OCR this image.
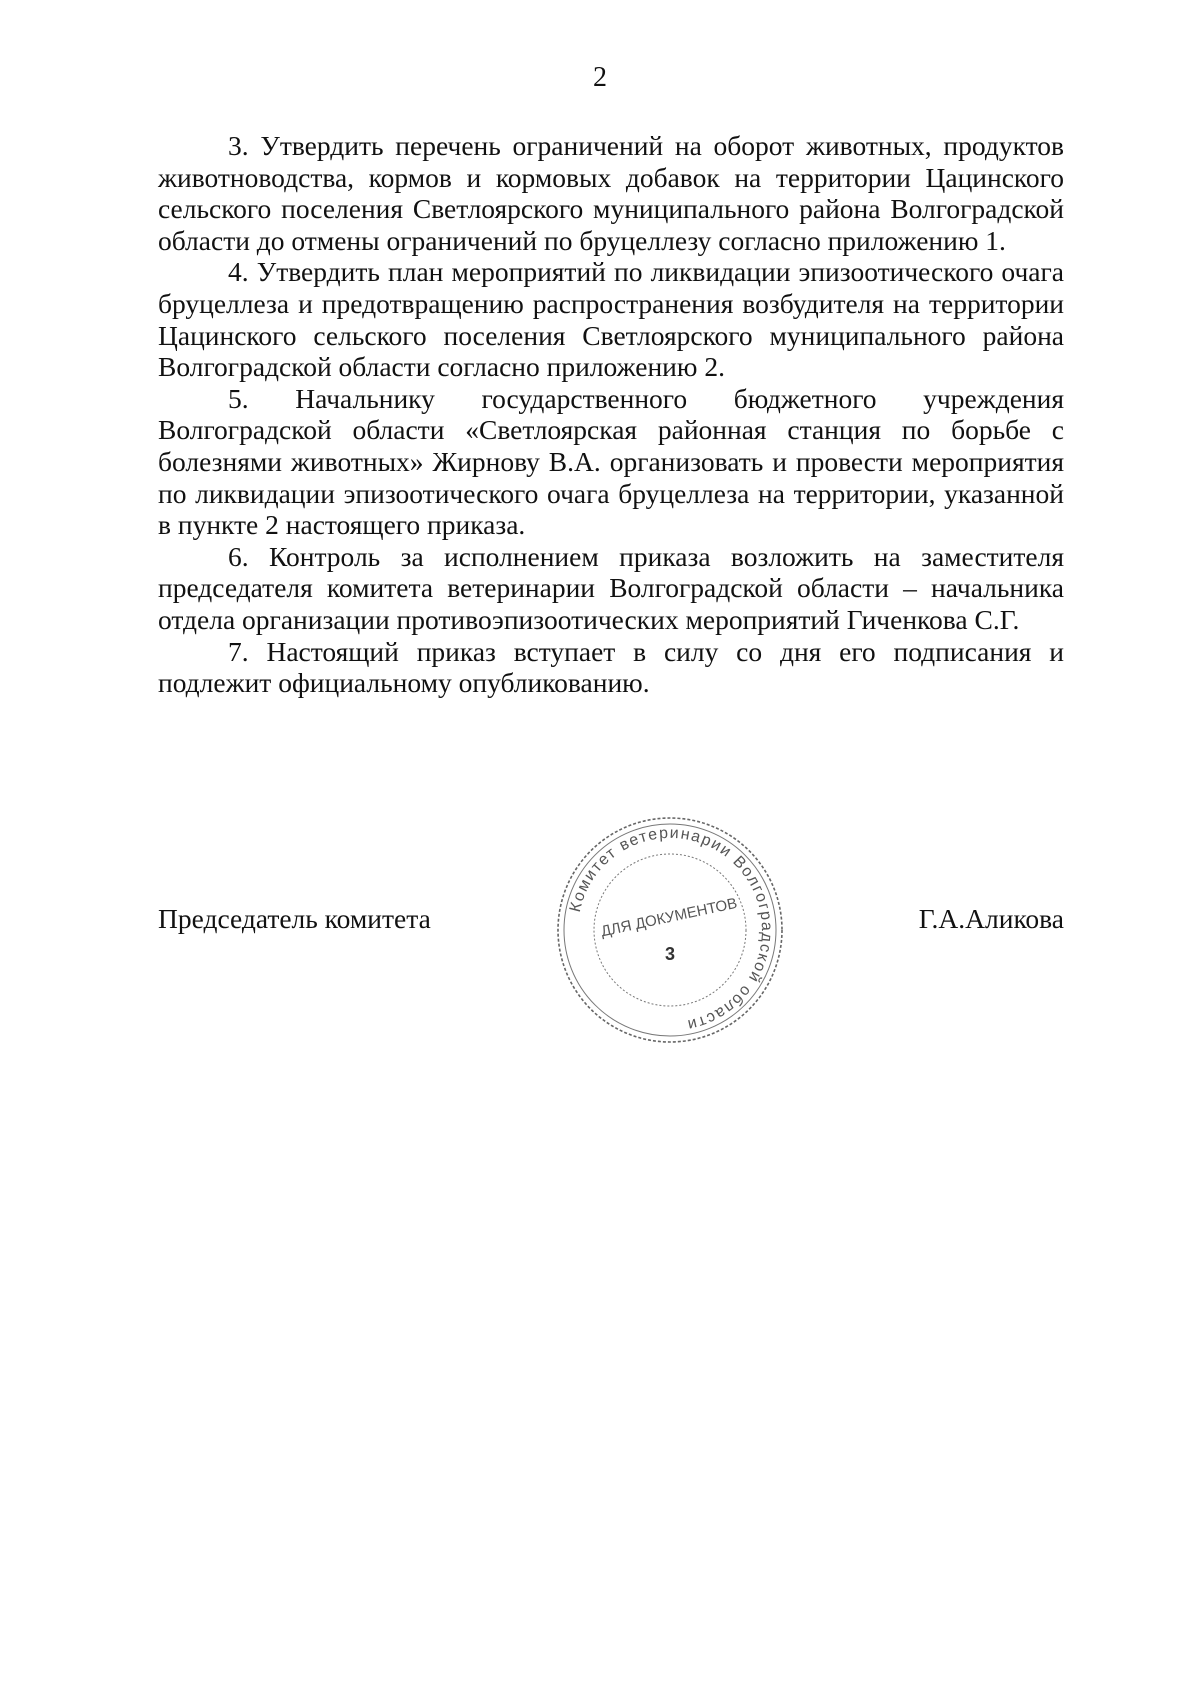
2

3. Утвердить перечень ограничений на оборот животных, продуктов животноводства, кормов и кормовых добавок на территории Цацинского сельского поселения Светлоярского муниципального района Волгоградской области до отмены ограничений по бруцеллезу согласно приложению 1.

4. Утвердить план мероприятий по ликвидации эпизоотического очага бруцеллеза и предотвращению распространения возбудителя на территории Цацинского сельского поселения Светлоярского муниципального района Волгоградской области согласно приложению 2.

5. Начальнику государственного бюджетного учреждения Волгоградской области «Светлоярская районная станция по борьбе с болезнями животных» Жирнову В.А. организовать и провести мероприятия по ликвидации эпизоотического очага бруцеллеза на территории, указанной в пункте 2 настоящего приказа.

6. Контроль за исполнением приказа возложить на заместителя председателя комитета ветеринарии Волгоградской области – начальника отдела организации противоэпизоотических мероприятий Гиченкова С.Г.

7. Настоящий приказ вступает в силу со дня его подписания и подлежит официальному опубликованию.

Председатель комитета	Комитет ветеринарии Волгоградской области
ДЛЯ ДОКУМЕНТОВ
3
Г.А.Аликова
